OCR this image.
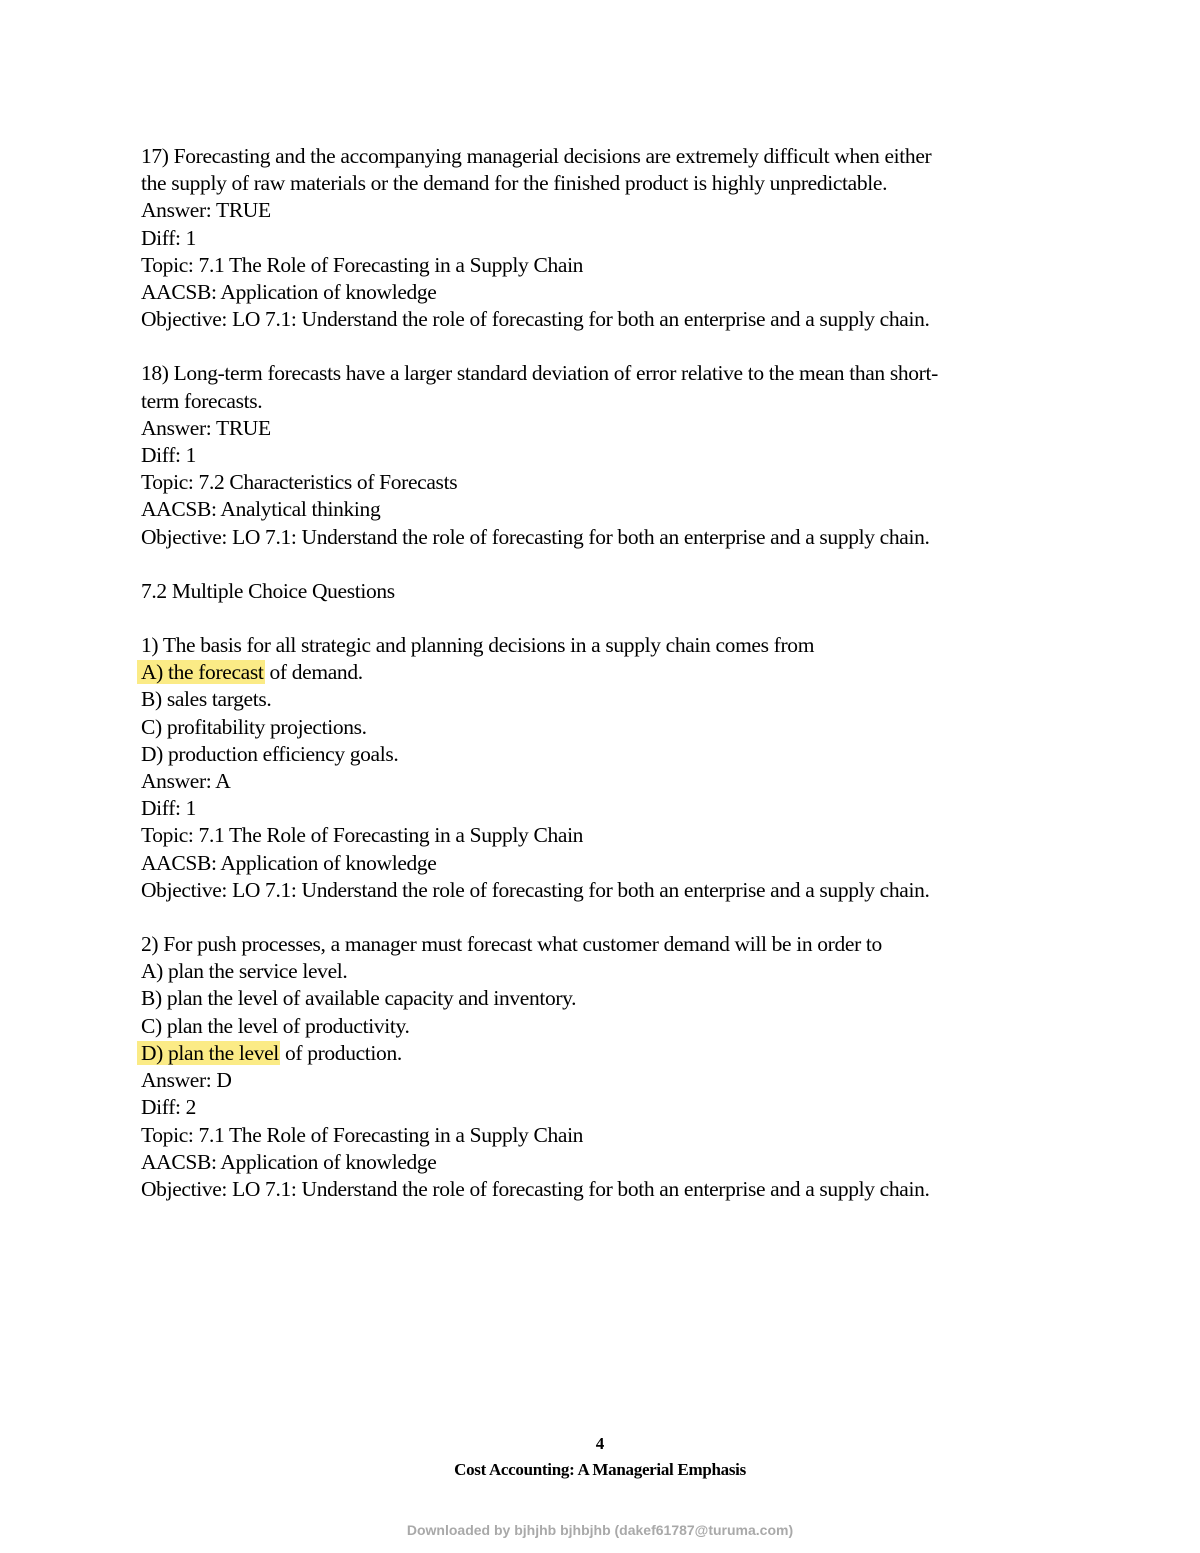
17) Forecasting and the accompanying managerial decisions are extremely difficult when either
the supply of raw materials or the demand for the finished product is highly unpredictable.
Answer: TRUE
Diff: 1
Topic: 7.1 The Role of Forecasting in a Supply Chain
AACSB: Application of knowledge
Objective: LO 7.1: Understand the role of forecasting for both an enterprise and a supply chain.
18) Long-term forecasts have a larger standard deviation of error relative to the mean than short-
term forecasts.
Answer: TRUE
Diff: 1
Topic: 7.2 Characteristics of Forecasts
AACSB: Analytical thinking
Objective: LO 7.1: Understand the role of forecasting for both an enterprise and a supply chain.
7.2 Multiple Choice Questions
1) The basis for all strategic and planning decisions in a supply chain comes from
A) the forecast of demand.
B) sales targets.
C) profitability projections.
D) production efficiency goals.
Answer: A
Diff: 1
Topic: 7.1 The Role of Forecasting in a Supply Chain
AACSB: Application of knowledge
Objective: LO 7.1: Understand the role of forecasting for both an enterprise and a supply chain.
2) For push processes, a manager must forecast what customer demand will be in order to
A) plan the service level.
B) plan the level of available capacity and inventory.
C) plan the level of productivity.
D) plan the level of production.
Answer: D
Diff: 2
Topic: 7.1 The Role of Forecasting in a Supply Chain
AACSB: Application of knowledge
Objective: LO 7.1: Understand the role of forecasting for both an enterprise and a supply chain.
4
Cost Accounting: A Managerial Emphasis
Downloaded by bjhjhb bjhbjhb (dakef61787@turuma.com)
